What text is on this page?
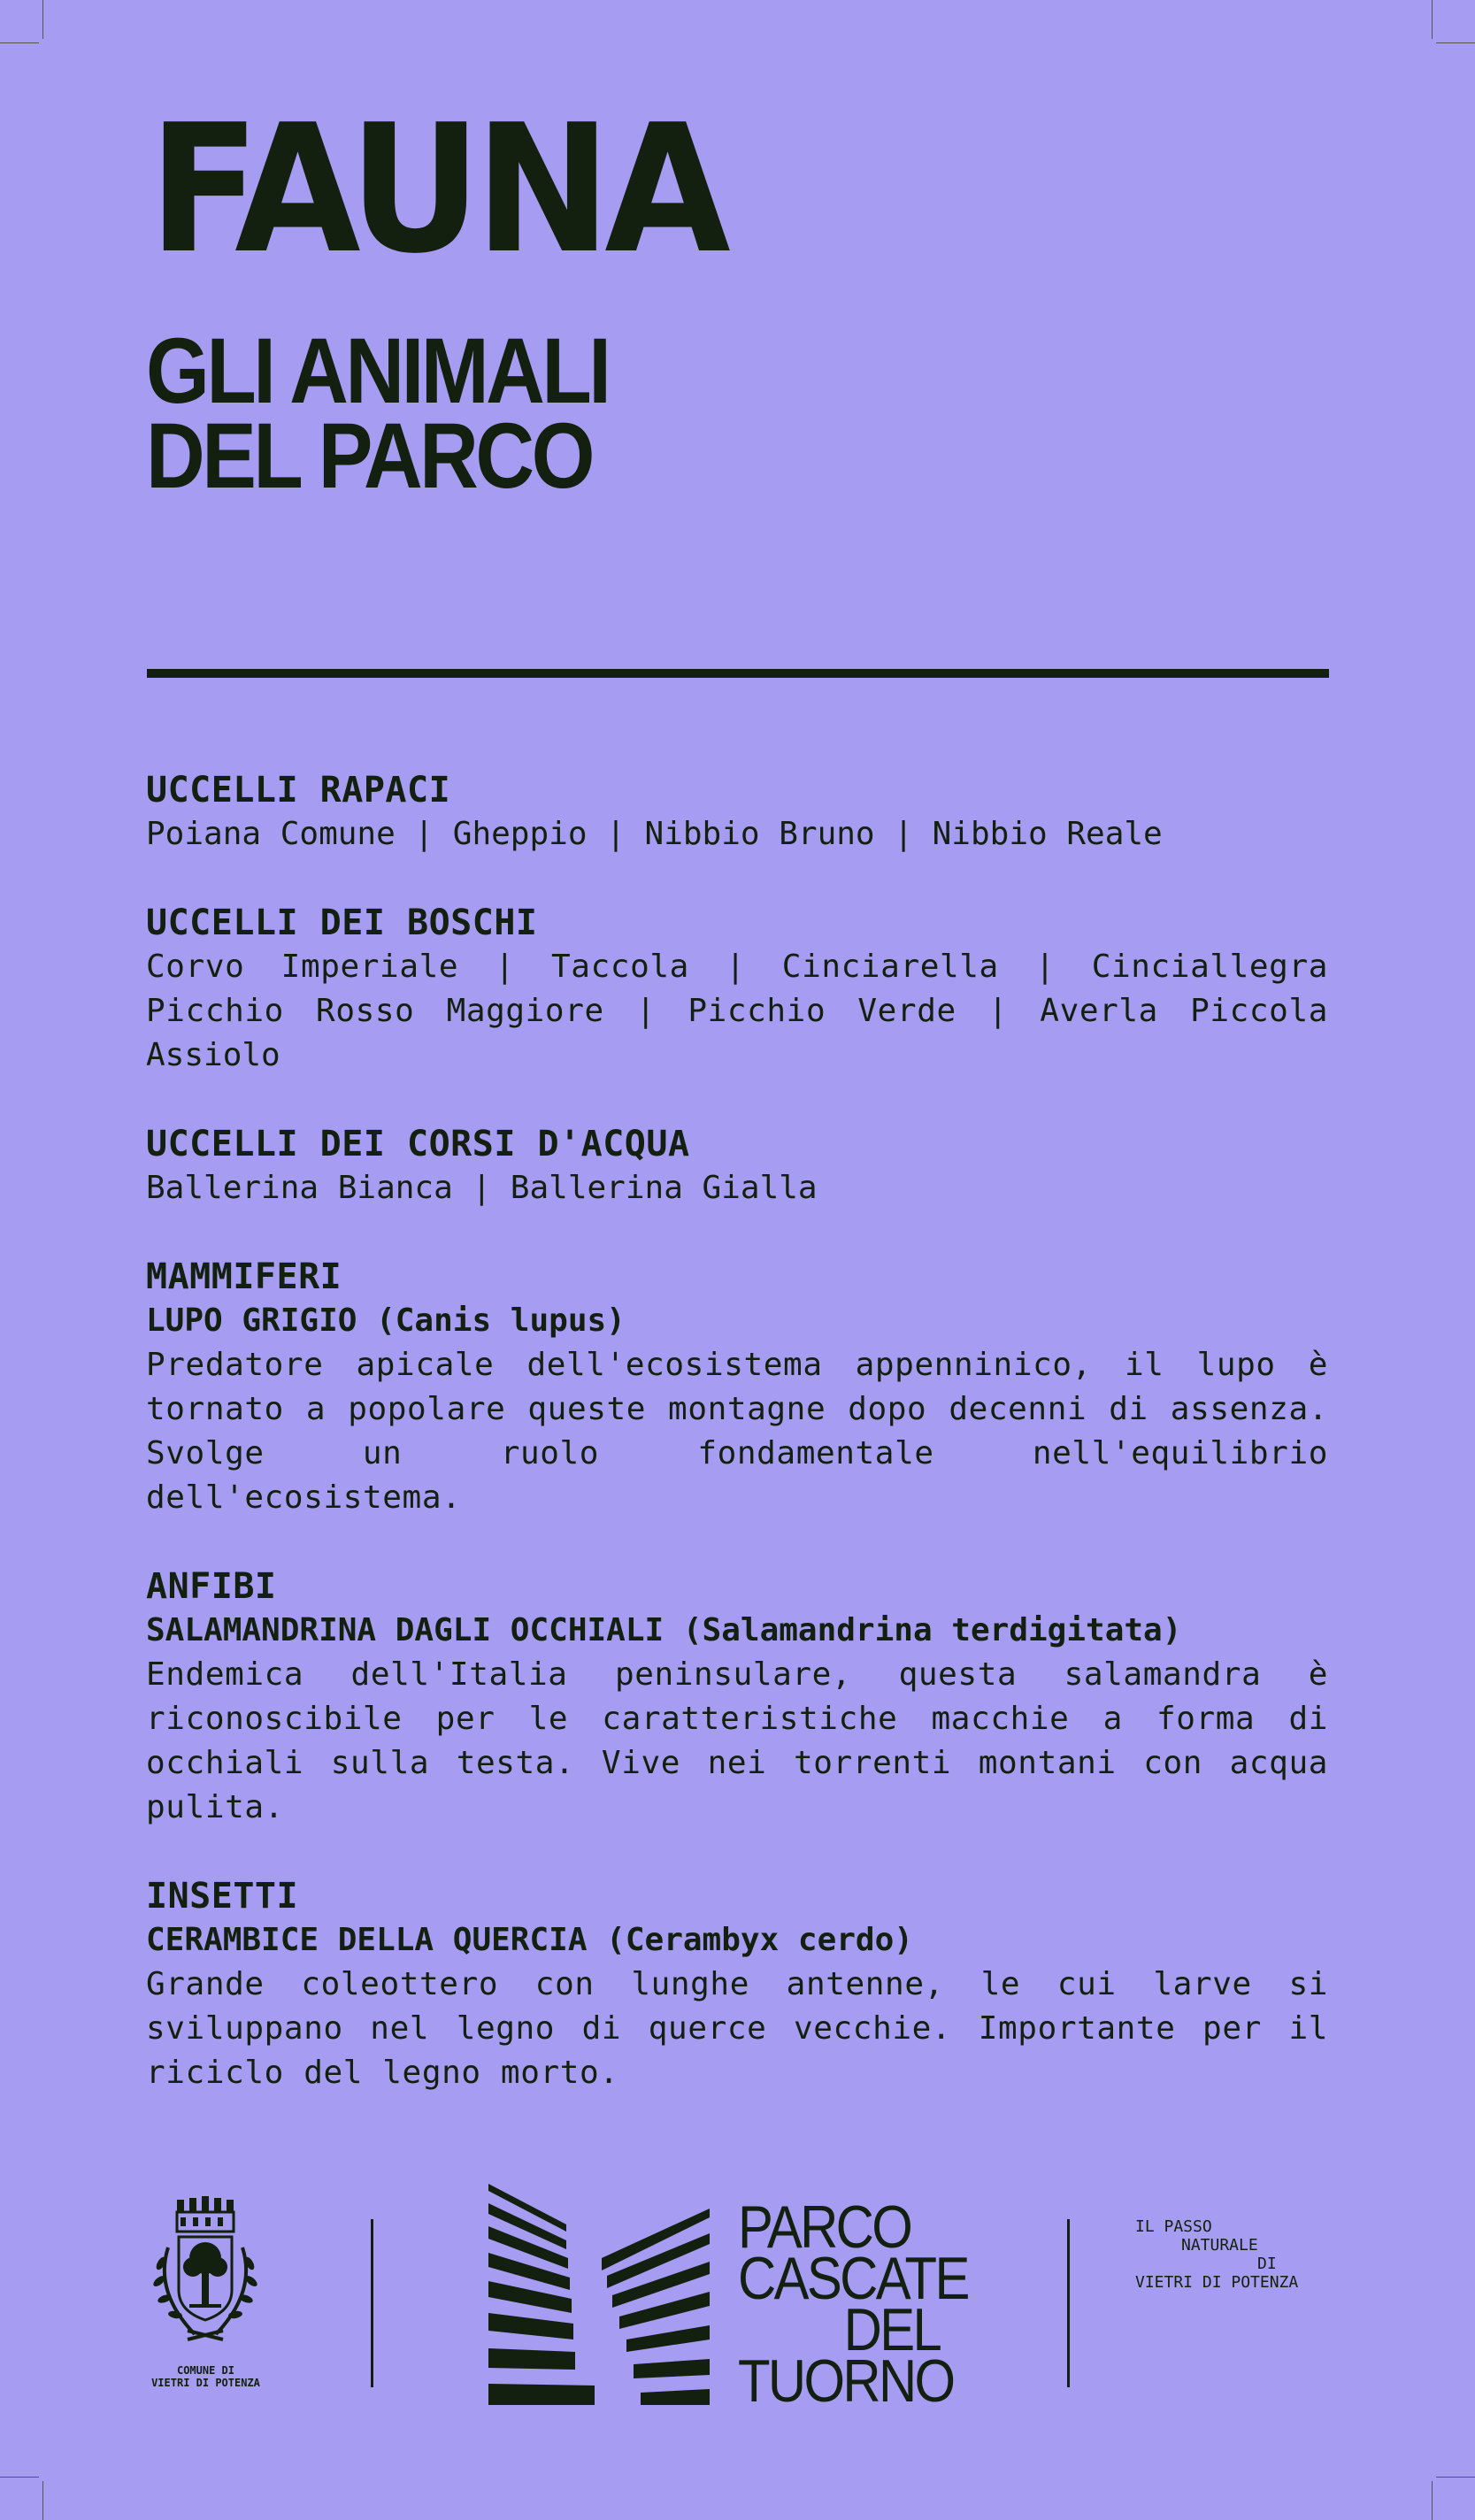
FAUNA
GLI ANIMALI
DEL PARCO
UCCELLI RAPACI
Poiana Comune | Gheppio | Nibbio Bruno | Nibbio Reale
UCCELLI DEI BOSCHI
Corvo Imperiale | Taccola | Cinciarella | Cinciallegra
Picchio Rosso Maggiore | Picchio Verde | Averla Piccola
Assiolo
UCCELLI DEI CORSI D'ACQUA
Ballerina Bianca | Ballerina Gialla
MAMMIFERI
LUPO GRIGIO (Canis lupus)
Predatore apicale dell'ecosistema appenninico, il lupo è tornato a popolare queste montagne dopo decenni di assenza. Svolge un ruolo fondamentale nell'equilibrio dell'ecosistema.
ANFIBI
SALAMANDRINA DAGLI OCCHIALI (Salamandrina terdigitata)
Endemica dell'Italia peninsulare, questa salamandra è riconoscibile per le caratteristiche macchie a forma di occhiali sulla testa. Vive nei torrenti montani con acqua pulita.
INSETTI
CERAMBICE DELLA QUERCIA (Cerambyx cerdo)
Grande coleottero con lunghe antenne, le cui larve si sviluppano nel legno di querce vecchie. Importante per il riciclo del legno morto.
COMUNE DI
VIETRI DI POTENZA
PARCO
CASCATE
DEL
TUORNO
IL PASSO
NATURALE
DI
VIETRI DI POTENZA
